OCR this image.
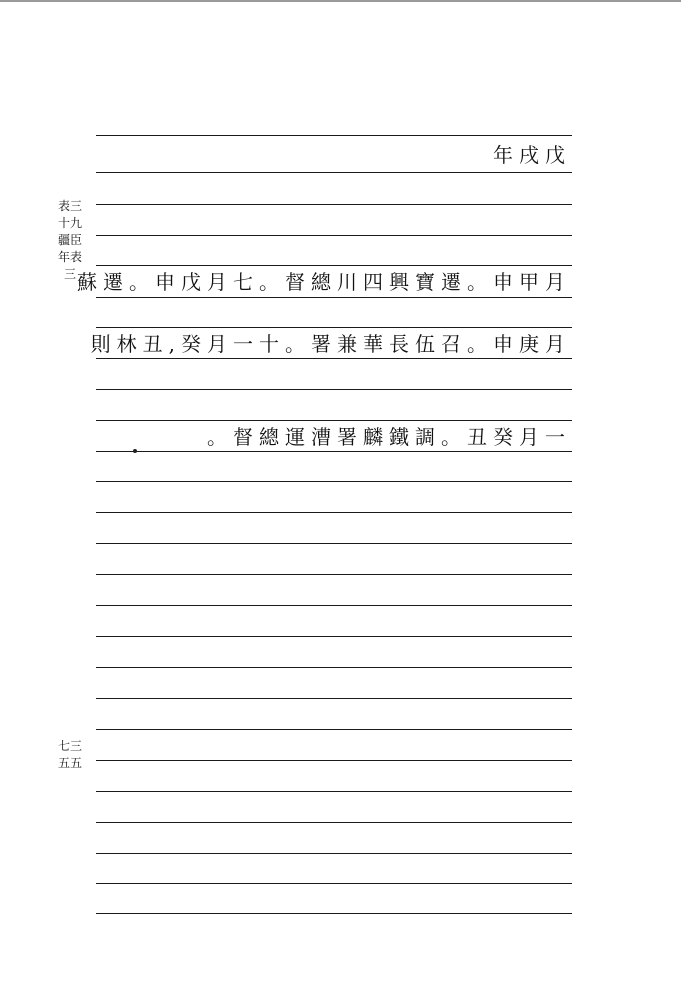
年戌戊
蘇遷。申戊月七。督總川四興寶遷。申甲月
則林丑,癸月一十。署兼華長伍召。申庚月
。督總運漕署麟鐵調。丑癸月一
表三十九 疆臣年表三
七三五五
